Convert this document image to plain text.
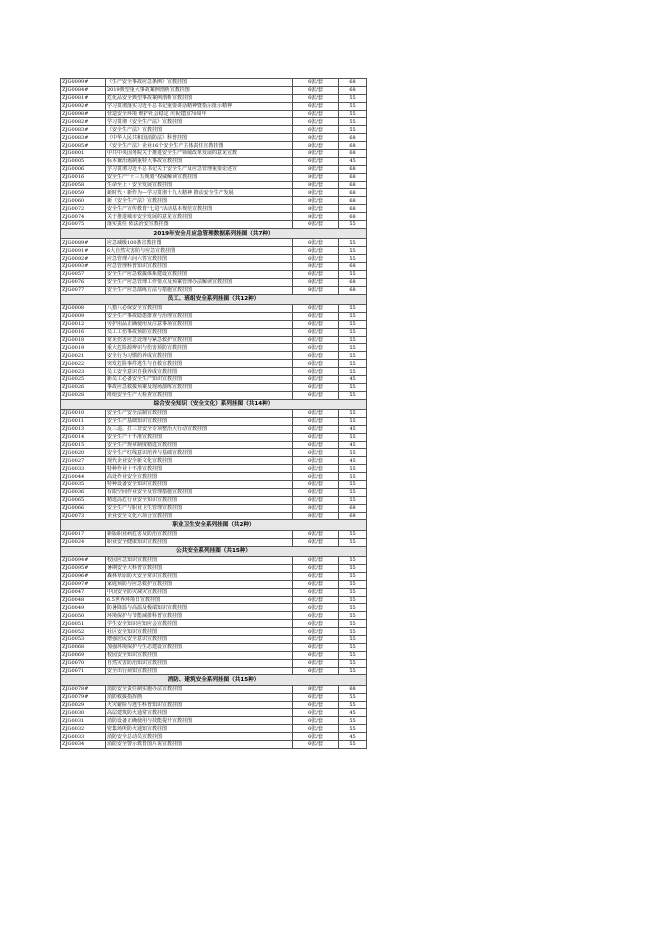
ZJG0099#	《生产安全事故应急条例》宣教挂图	6张/套	68
ZJG0084#	2019典型重大事故案例剖析宣教挂图	6张/套	68
ZJG0081#	危化品安全典型事故案例剖析宣教挂图	6张/套	55
ZJG0092#	学习贯彻落实习近平总书记重要讲话精神暨指示批示精神	6张/套	55
ZJG0098#	营造安全环境 维护社会稳定 庆祝建国70周年	6张/套	55
ZJG0082#	学习贯彻《安全生产法》宣教挂图	6张/套	55
ZJG0083#	《安全生产法》宣教挂图	6张/套	55
ZJG0083#	《中华人民共和国消防法》科普挂图	8张/套	68
ZJG0085#	《安全生产法》企业16个安全生产主体责任宣教挂图	8张/套	68
ZJG0001	中共中央国务院关于推进安全生产领域改革发展的意见宣教	8张/套	68
ZJG0005	标本兼治遏制重特大事故宣教挂图	6张/套	45
ZJG0006	学习贯彻习近平总书记关于安全生产及应急管理重要论述宣	8张/套	68
ZJG0016	安全生产“十三五规划”权威解读宣教挂图	8张/套	68
ZJG0058	生命至上・安全发展宣教挂图	8张/套	68
ZJG0059	新时代・新作为—学习贯彻十九大精神 推动安全生产发展	8张/套	68
ZJG0060	新《安全生产法》宣教挂图	8张/套	68
ZJG0072	安全生产宣传教育“七进”活动基本规范宣教挂图	8张/套	68
ZJG0074	关于推进城市安全发展的意见宣教挂图	8张/套	68
ZJG0075	落实责任 依法治安宣教挂图	6张/套	55
2019年安全月应急管理数据系列挂图（共7种）			
ZJG0089#	应急减级100条宣教挂图	6张/套	55
ZJG0091#	6大自然灾害防与应急宣教挂图	6张/套	55
ZJG0092#	应急管理六问六答宣教挂图	6张/套	55
ZJG0093#	应急管理科普知识宣教挂图	8张/套	68
ZJG0057	安全生产应急救援体系建设宣教挂图	6张/套	55
ZJG0076	安全生产应急管理工作要点及预案管理办法解读宣教挂图	8张/套	68
ZJG0077	安全生产应急演练方法与措施宣教挂图	8张/套	68
员工、班组安全系列挂图（共12种）			
ZJG0008	八猎八必保安全宣教挂图	6张/套	55
ZJG0009	安全生产事故隐患排查与治理宣教挂图	6张/套	55
ZJG0012	劳护用品正确使用及注意事项宣教挂图	6张/套	55
ZJG0016	员工工伤事故预防宣教挂图	6张/套	55
ZJG0018	常见伤害应急处理与紧急救护宣教挂图	6张/套	55
ZJG0019	重大危险源辨识与伤害预防宣教挂图	6张/套	55
ZJG0021	安全行为习惯的养成宣教挂图	6张/套	55
ZJG0022	突发危险事件逃生与自救宣教挂图	6张/套	55
ZJG0023	员工安全意识自我养成宣教挂图	6张/套	55
ZJG0025	新员工必备安全生产知识宣教挂图	6张/套	45
ZJG0026	事故应急救援预案及现场演练宣教挂图	6张/套	55
ZJG0028	班组安全生产大检查宣教挂图	6张/套	55
综合安全知识（安全文化）系列挂图（共14种）			
ZJG0010	安全生产安全法制宣教挂图	6张/套	55
ZJG0011	安全生产基础知识宣教挂图	6张/套	55
ZJG0013	反三违、打三非安全专项整治大行动宣教挂图	6张/套	45
ZJG0014	安全生产十不准宣教挂图	6张/套	55
ZJG0015	安全生产规章制度精选宣教挂图	6张/套	45
ZJG0020	安全生产红线意识培养与基础宣教挂图	6张/套	55
ZJG0027	现代企业安全新文化宣教挂图	6张/套	45
ZJG0033	特种作业十不准宣教挂图	6张/套	55
ZJG0044	高处作业安全宣教挂图	6张/套	55
ZJG0035	特种设备安全知识宣教挂图	6张/套	55
ZJG0036	有限空间作业安全及管理措施宣教挂图	6张/套	55
ZJG0065	精选高危行业安全知识宣教挂图	6张/套	55
ZJG0066	安全生产与职业卫生管理宣教挂图	8张/套	68
ZJG0073	企业安全文化六项合宣教挂图	8张/套	68
职业卫生安全系列挂图（共2种）			
ZJG0017	新版职业病危害及防治宣教挂图	6张/套	55
ZJG0024	职业安全健康知识宣教挂图	6张/套	55
公共安全系列挂图（共15种）			
ZJG0094#	校园应急知识宣教挂图	6张/套	55
ZJG0095#	暑期安全大科普宣教挂图	6张/套	55
ZJG0096#	森林草原防火安全常识宣教挂图	6张/套	55
ZJG0097#	家庭预防与应急救护宣教挂图	6张/套	55
ZJG0047	中国安全防灾减灾宣教挂图	6张/套	55
ZJG0048	6.5世界环境日宣教挂图	6张/套	55
ZJG0049	防暑降温与高温及极端知识宣教挂图	6张/套	55
ZJG0050	环境保护与节能减排科普宣教挂图	6张/套	55
ZJG0051	学生安全知识应知应会宣教挂图	6张/套	55
ZJG0052	社区安全知识宣教挂图	6张/套	55
ZJG0053	增强居民安全意识宣教挂图	6张/套	55
ZJG0068	加强环境保护与生态建设宣教挂图	6张/套	55
ZJG0069	校园安全知识宣教挂图	6张/套	55
ZJG0070	自然灾害防治知识宣教挂图	6张/套	55
ZJG0071	安全出行须知宣教挂图	6张/套	55
消防、建筑安全系列挂图（共15种）			
ZJG0078#	消防安全责任制实施办法宣教挂图	8张/套	68
ZJG0079#	消防救援指挥画	6张/套	55
ZJG0029	火灾避险与逃生科普知识宣教挂图	6张/套	55
ZJG0030	高层建筑防火通常宣教挂图	6张/套	45
ZJG0031	消防设备正确使用与技能提升宣教挂图	6张/套	55
ZJG0032	密集场所防火通知宣教挂图	6张/套	55
ZJG0033	消防安全总动员宣教挂图	6张/套	45
ZJG0034	消防安全警示教育图片说宣教挂图	6张/套	55
